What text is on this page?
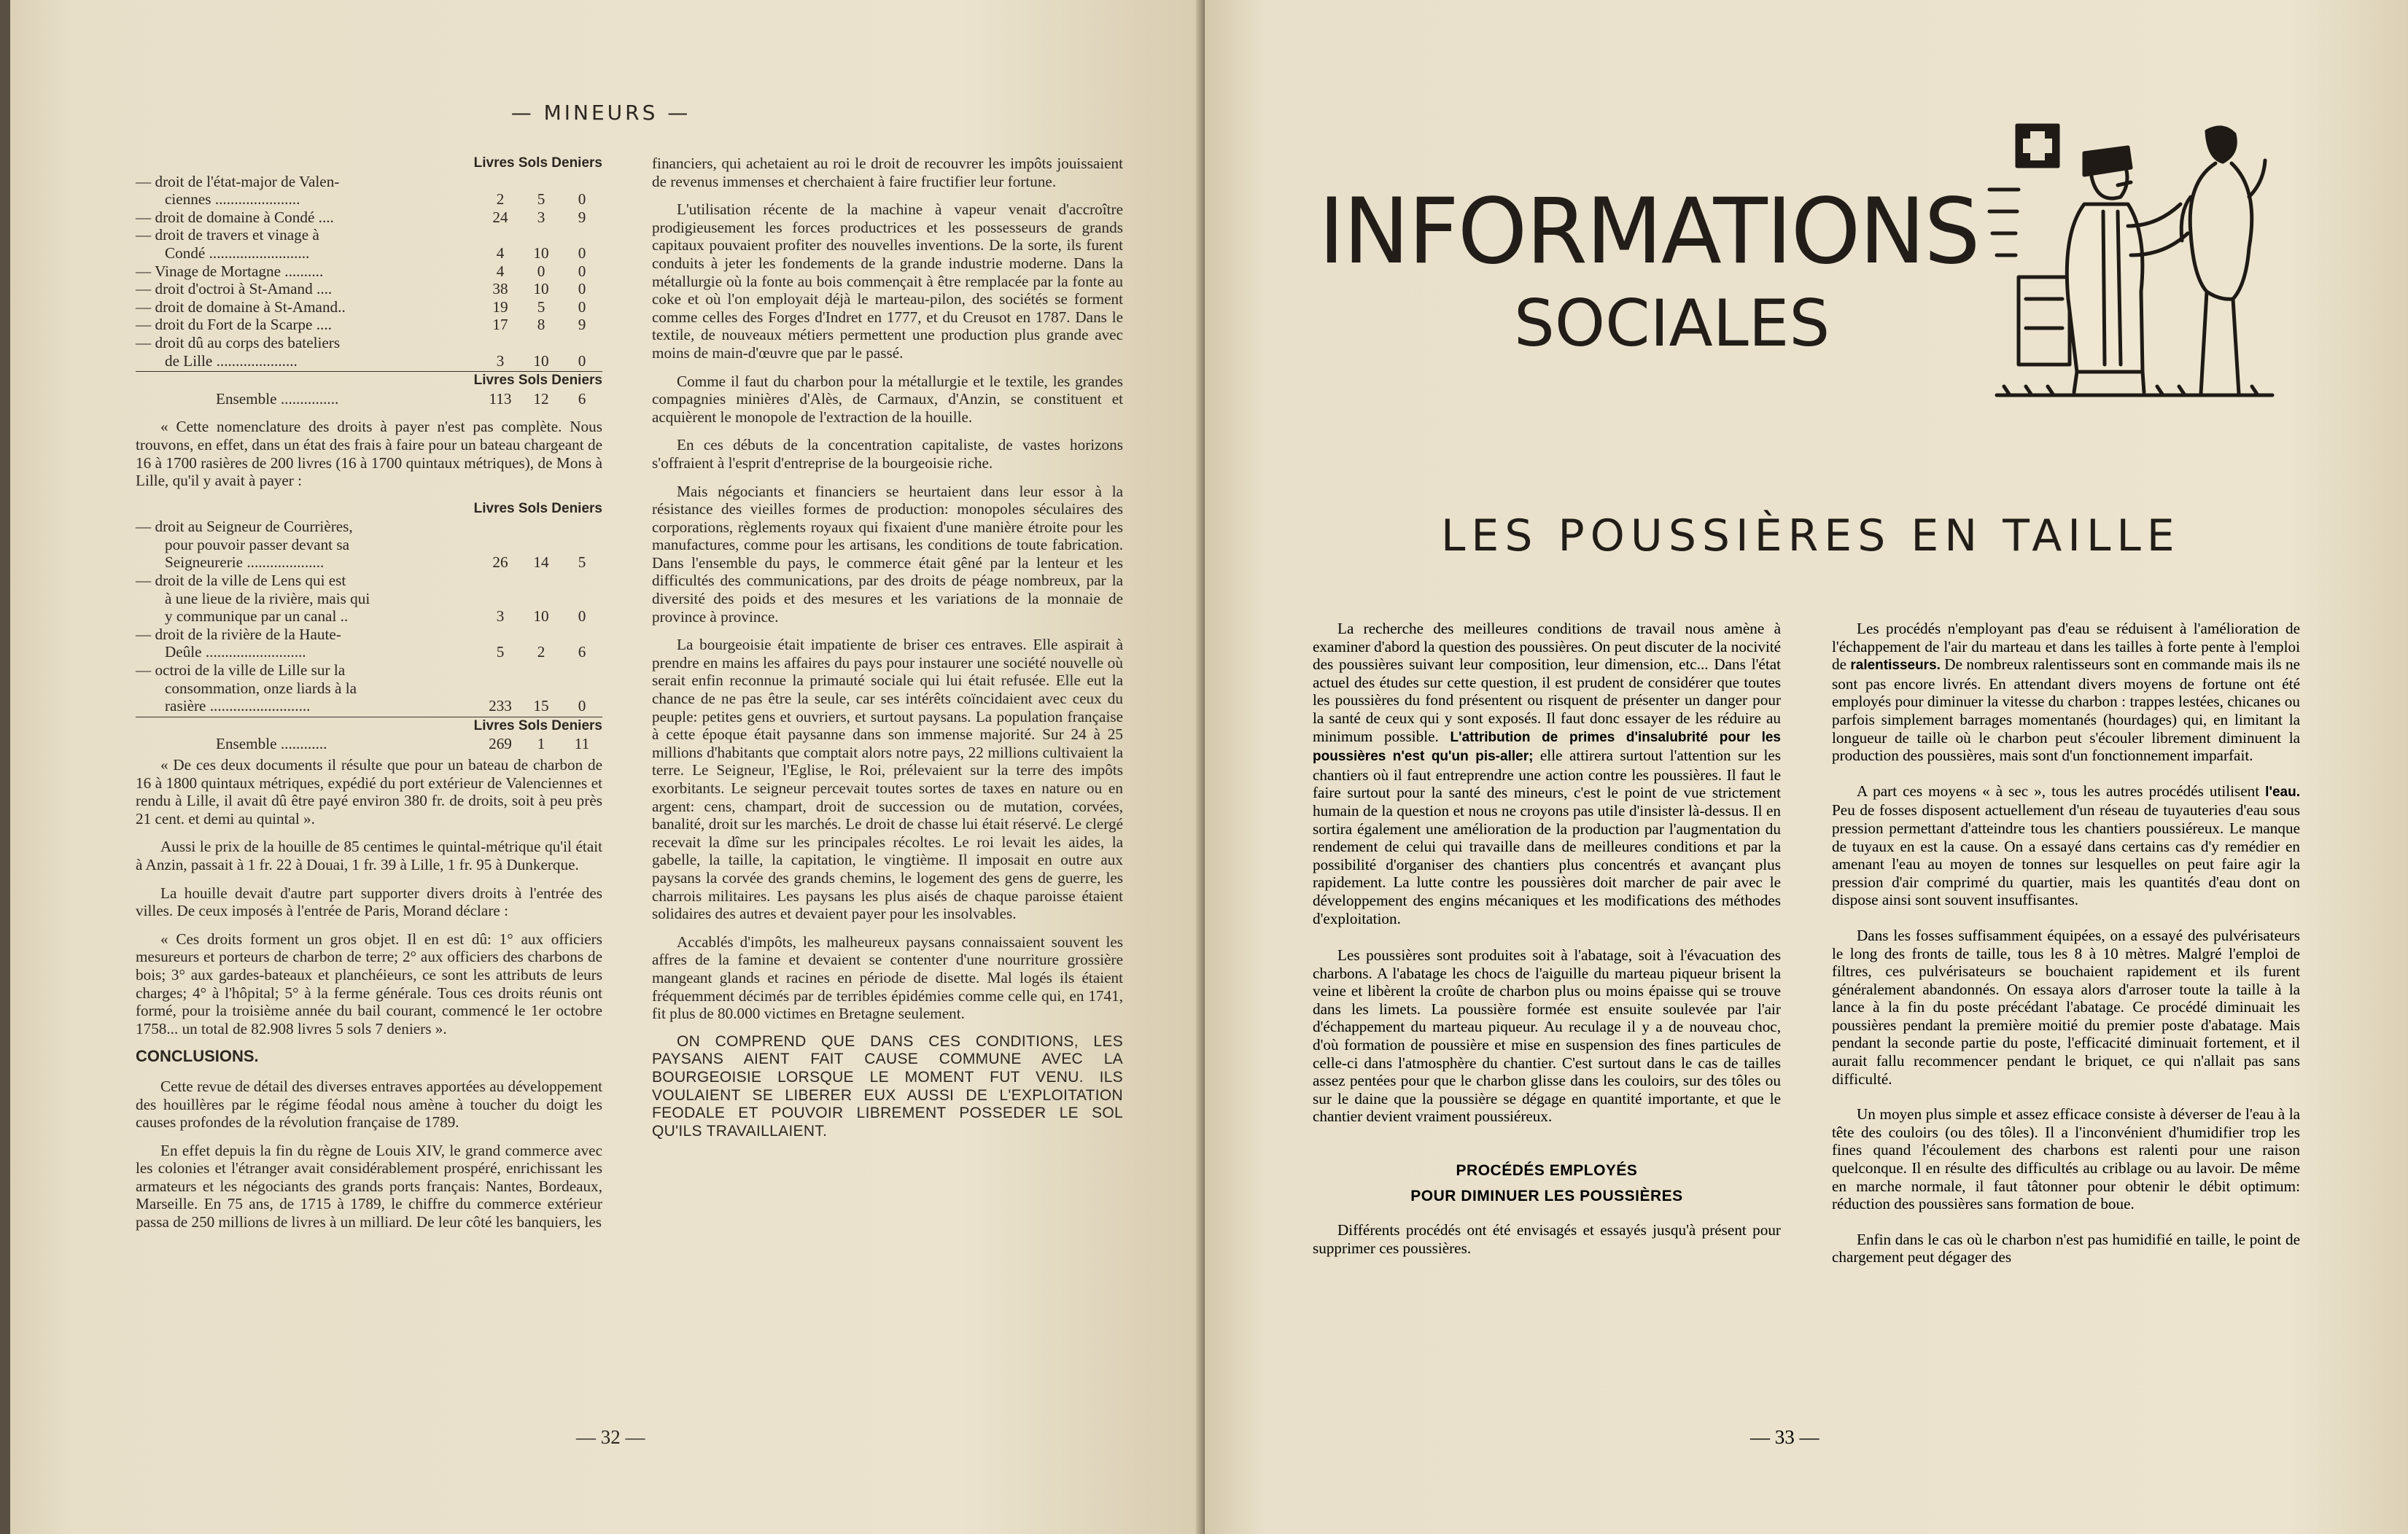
— MINEURS —
Livres Sols Deniers
— droit de l'état-major de Valen-			
ciennes ......................	2	5	0
— droit de domaine à Condé ....	24	3	9
— droit de travers et vinage à			
Condé ..........................	4	10	0
— Vinage de Mortagne ..........	4	0	0
— droit d'octroi à St-Amand ....	38	10	0
— droit de domaine à St-Amand..	19	5	0
— droit du Fort de la Scarpe ....	17	8	9
— droit dû au corps des bateliers			
de Lille .....................	3	10	0
Livres Sols Deniers
Ensemble ...............	113	12	6

« Cette nomenclature des droits à payer n'est pas complète. Nous trouvons, en effet, dans un état des frais à faire pour un bateau chargeant de 16 à 1700 rasières de 200 livres (16 à 1700 quintaux métriques), de Mons à Lille, qu'il y avait à payer :

Livres Sols Deniers
— droit au Seigneur de Courrières,			
pour pouvoir passer devant sa			
Seigneurerie ....................	26	14	5
— droit de la ville de Lens qui est			
à une lieue de la rivière, mais qui			
y communique par un canal ..	3	10	0
— droit de la rivière de la Haute-			
Deûle ..........................	5	2	6
— octroi de la ville de Lille sur la			
consommation, onze liards à la			
rasière ..........................	233	15	0
Livres Sols Deniers
Ensemble ............	269	1	11

« De ces deux documents il résulte que pour un bateau de charbon de 16 à 1800 quintaux métriques, expédié du port extérieur de Valenciennes et rendu à Lille, il avait dû être payé environ 380 fr. de droits, soit à peu près 21 cent. et demi au quintal ».

Aussi le prix de la houille de 85 centimes le quintal-métrique qu'il était à Anzin, passait à 1 fr. 22 à Douai, 1 fr. 39 à Lille, 1 fr. 95 à Dunkerque.

La houille devait d'autre part supporter divers droits à l'entrée des villes. De ceux imposés à l'entrée de Paris, Morand déclare :

« Ces droits forment un gros objet. Il en est dû: 1° aux officiers mesureurs et porteurs de charbon de terre; 2° aux officiers des charbons de bois; 3° aux gardes-bateaux et planchéieurs, ce sont les attributs de leurs charges; 4° à l'hôpital; 5° à la ferme générale. Tous ces droits réunis ont formé, pour la troisième année du bail courant, commencé le 1er octobre 1758... un total de 82.908 livres 5 sols 7 deniers ».

CONCLUSIONS.

Cette revue de détail des diverses entraves apportées au développement des houillères par le régime féodal nous amène à toucher du doigt les causes profondes de la révolution française de 1789.

En effet depuis la fin du règne de Louis XIV, le grand commerce avec les colonies et l'étranger avait considérablement prospéré, enrichissant les armateurs et les négociants des grands ports français: Nantes, Bordeaux, Marseille. En 75 ans, de 1715 à 1789, le chiffre du commerce extérieur passa de 250 millions de livres à un milliard. De leur côté les banquiers, les

financiers, qui achetaient au roi le droit de recouvrer les impôts jouissaient de revenus immenses et cherchaient à faire fructifier leur fortune.

L'utilisation récente de la machine à vapeur venait d'accroître prodigieusement les forces productrices et les possesseurs de grands capitaux pouvaient profiter des nouvelles inventions. De la sorte, ils furent conduits à jeter les fondements de la grande industrie moderne. Dans la métallurgie où la fonte au bois commençait à être remplacée par la fonte au coke et où l'on employait déjà le marteau-pilon, des sociétés se forment comme celles des Forges d'Indret en 1777, et du Creusot en 1787. Dans le textile, de nouveaux métiers permettent une production plus grande avec moins de main-d'œuvre que par le passé.

Comme il faut du charbon pour la métallurgie et le textile, les grandes compagnies minières d'Alès, de Carmaux, d'Anzin, se constituent et acquièrent le monopole de l'extraction de la houille.

En ces débuts de la concentration capitaliste, de vastes horizons s'offraient à l'esprit d'entreprise de la bourgeoisie riche.

Mais négociants et financiers se heurtaient dans leur essor à la résistance des vieilles formes de production: monopoles séculaires des corporations, règlements royaux qui fixaient d'une manière étroite pour les manufactures, comme pour les artisans, les conditions de toute fabrication. Dans l'ensemble du pays, le commerce était gêné par la lenteur et les difficultés des communications, par des droits de péage nombreux, par la diversité des poids et des mesures et les variations de la monnaie de province à province.

La bourgeoisie était impatiente de briser ces entraves. Elle aspirait à prendre en mains les affaires du pays pour instaurer une société nouvelle où serait enfin reconnue la primauté sociale qui lui était refusée. Elle eut la chance de ne pas être la seule, car ses intérêts coïncidaient avec ceux du peuple: petites gens et ouvriers, et surtout paysans. La population française à cette époque était paysanne dans son immense majorité. Sur 24 à 25 millions d'habitants que comptait alors notre pays, 22 millions cultivaient la terre. Le Seigneur, l'Eglise, le Roi, prélevaient sur la terre des impôts exorbitants. Le seigneur percevait toutes sortes de taxes en nature ou en argent: cens, champart, droit de succession ou de mutation, corvées, banalité, droit sur les marchés. Le droit de chasse lui était réservé. Le clergé recevait la dîme sur les principales récoltes. Le roi levait les aides, la gabelle, la taille, la capitation, le vingtième. Il imposait en outre aux paysans la corvée des grands chemins, le logement des gens de guerre, les charrois militaires. Les paysans les plus aisés de chaque paroisse étaient solidaires des autres et devaient payer pour les insolvables.

Accablés d'impôts, les malheureux paysans connaissaient souvent les affres de la famine et devaient se contenter d'une nourriture grossière mangeant glands et racines en période de disette. Mal logés ils étaient fréquemment décimés par de terribles épidémies comme celle qui, en 1741, fit plus de 80.000 victimes en Bretagne seulement.

ON COMPREND QUE DANS CES CONDITIONS, LES PAYSANS AIENT FAIT CAUSE COMMUNE AVEC LA BOURGEOISIE LORSQUE LE MOMENT FUT VENU. ILS VOULAIENT SE LIBERER EUX AUSSI DE L'EXPLOITATION FEODALE ET POUVOIR LIBREMENT POSSEDER LE SOL QU'ILS TRAVAILLAIENT.
— 32 —
INFORMATIONS
SOCIALES
LES POUSSIÈRES EN TAILLE

La recherche des meilleures conditions de travail nous amène à examiner d'abord la question des poussières. On peut discuter de la nocivité des poussières suivant leur composition, leur dimension, etc... Dans l'état actuel des études sur cette question, il est prudent de considérer que toutes les poussières du fond présentent ou risquent de présenter un danger pour la santé de ceux qui y sont exposés. Il faut donc essayer de les réduire au minimum possible. L'attribution de primes d'insalubrité pour les poussières n'est qu'un pis-aller; elle attirera surtout l'attention sur les chantiers où il faut entreprendre une action contre les poussières. Il faut le faire surtout pour la santé des mineurs, c'est le point de vue strictement humain de la question et nous ne croyons pas utile d'insister là-dessus. Il en sortira également une amélioration de la production par l'augmentation du rendement de celui qui travaille dans de meilleures conditions et par la possibilité d'organiser des chantiers plus concentrés et avançant plus rapidement. La lutte contre les poussières doit marcher de pair avec le développement des engins mécaniques et les modifications des méthodes d'exploitation.

Les poussières sont produites soit à l'abatage, soit à l'évacuation des charbons. A l'abatage les chocs de l'aiguille du marteau piqueur brisent la veine et libèrent la croûte de charbon plus ou moins épaisse qui se trouve dans les limets. La poussière formée est ensuite soulevée par l'air d'échappement du marteau piqueur. Au reculage il y a de nouveau choc, d'où formation de poussière et mise en suspension des fines particules de celle-ci dans l'atmosphère du chantier. C'est surtout dans le cas de tailles assez pentées pour que le charbon glisse dans les couloirs, sur des tôles ou sur le daine que la poussière se dégage en quantité importante, et que le chantier devient vraiment poussiéreux.

PROCÉDÉS EMPLOYÉS
POUR DIMINUER LES POUSSIÈRES

Différents procédés ont été envisagés et essayés jusqu'à présent pour supprimer ces poussières.

Les procédés n'employant pas d'eau se réduisent à l'amélioration de l'échappement de l'air du marteau et dans les tailles à forte pente à l'emploi de ralentisseurs. De nombreux ralentisseurs sont en commande mais ils ne sont pas encore livrés. En attendant divers moyens de fortune ont été employés pour diminuer la vitesse du charbon : trappes lestées, chicanes ou parfois simplement barrages momentanés (hourdages) qui, en limitant la longueur de taille où le charbon peut s'écouler librement diminuent la production des poussières, mais sont d'un fonctionnement imparfait.

A part ces moyens « à sec », tous les autres procédés utilisent l'eau. Peu de fosses disposent actuellement d'un réseau de tuyauteries d'eau sous pression permettant d'atteindre tous les chantiers poussiéreux. Le manque de tuyaux en est la cause. On a essayé dans certains cas d'y remédier en amenant l'eau au moyen de tonnes sur lesquelles on peut faire agir la pression d'air comprimé du quartier, mais les quantités d'eau dont on dispose ainsi sont souvent insuffisantes.

Dans les fosses suffisamment équipées, on a essayé des pulvérisateurs le long des fronts de taille, tous les 8 à 10 mètres. Malgré l'emploi de filtres, ces pulvérisateurs se bouchaient rapidement et ils furent généralement abandonnés. On essaya alors d'arroser toute la taille à la lance à la fin du poste précédant l'abatage. Ce procédé diminuait les poussières pendant la première moitié du premier poste d'abatage. Mais pendant la seconde partie du poste, l'efficacité diminuait fortement, et il aurait fallu recommencer pendant le briquet, ce qui n'allait pas sans difficulté.

Un moyen plus simple et assez efficace consiste à déverser de l'eau à la tête des couloirs (ou des tôles). Il a l'inconvénient d'humidifier trop les fines quand l'écoulement des charbons est ralenti pour une raison quelconque. Il en résulte des difficultés au criblage ou au lavoir. De même en marche normale, il faut tâtonner pour obtenir le débit optimum: réduction des poussières sans formation de boue.

Enfin dans le cas où le charbon n'est pas humidifié en taille, le point de chargement peut dégager des

— 33 —
